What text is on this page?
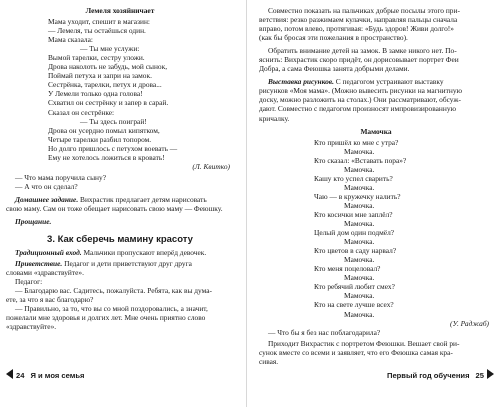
Лемеля хозяйничает

Мама уходит, спешит в магазин:

— Лемеля, ты остаёшься один.

Мама сказала:

— Ты мне услужи:

Вымой тарелки, сестру уложи.

Дрова наколоть не забудь, мой сынок,

Поймай петуха и запри на замок.

Сестрёнка, тарелки, петух и дрова...

У Лемели только одна голова!

Схватил он сестрёнку и запер в сарай.

Сказал он сестрёнке:

— Ты здесь поиграй!

Дрова он усердно помыл кипятком,

Четыре тарелки разбил топором.

Но долго пришлось с петухом воевать —

Ему не хотелось ложиться в кровать!

(Л. Квитко)

— Что мама поручила сыну?

— А что он сделал?

Домашнее задание. Вихрастик предлагает детям нарисовать

свою маму. Сам он тоже обещает нарисовать свою маму — Феюшку.

Прощание.

3. Как сберечь мамину красоту

Традиционный вход. Мальчики пропускают вперёд девочек.

Приветствие. Педагог и дети приветствуют друг друга

словами «здравствуйте».

Педагог:

— Благодарю вас. Садитесь, пожалуйста. Ребята, как вы дума-

ете, за что я вас благодарю?

— Правильно, за то, что вы со мной поздоровались, а значит,

пожелали мне здоровья и долгих лет. Мне очень приятно слово

«здравствуйте».

24 Я и моя семья

Совместно показать на пальчиках добрые посылы этого при-

ветствия: резко разжимаем кулачки, направляя пальцы сначала

вправо, потом влево, протягивая: «Будь здоров! Живи долго!»

(как бы бросая эти пожелания в пространство).

Обратить внимание детей на замок. В замке никого нет. По-

яснить: Вихрастик скоро придёт, он дорисовывает портрет Феи

Добра, а сама Феюшка занята добрыми делами.

Выставка рисунков. С педагогом устраивают выставку

рисунков «Моя мама». (Можно вывесить рисунки на магнитную

доску, можно разложить на столах.) Они рассматривают, обсуж-

дают. Совместно с педагогом произносят импровизированную

кричалку.

Мамочка

Кто пришёл ко мне с утра?

Мамочка.

Кто сказал: «Вставать пора»?

Мамочка.

Кашу кто успел сварить?

Мамочка.

Чаю — в кружечку налить?

Мамочка.

Кто косички мне заплёл?

Мамочка.

Целый дом один подмёл?

Мамочка.

Кто цветов в саду нарвал?

Мамочка.

Кто меня поцеловал?

Мамочка.

Кто ребячий любит смех?

Мамочка.

Кто на свете лучше всех?

Мамочка.

(У. Раджаб)

— Что бы я без нас поблагодарила?

Приходит Вихрастик с портретом Феюшки. Вешает свой ри-

сунок вместе со всеми и заявляет, что его Феюшка самая кра-

сивая.

Первый год обучения 25
